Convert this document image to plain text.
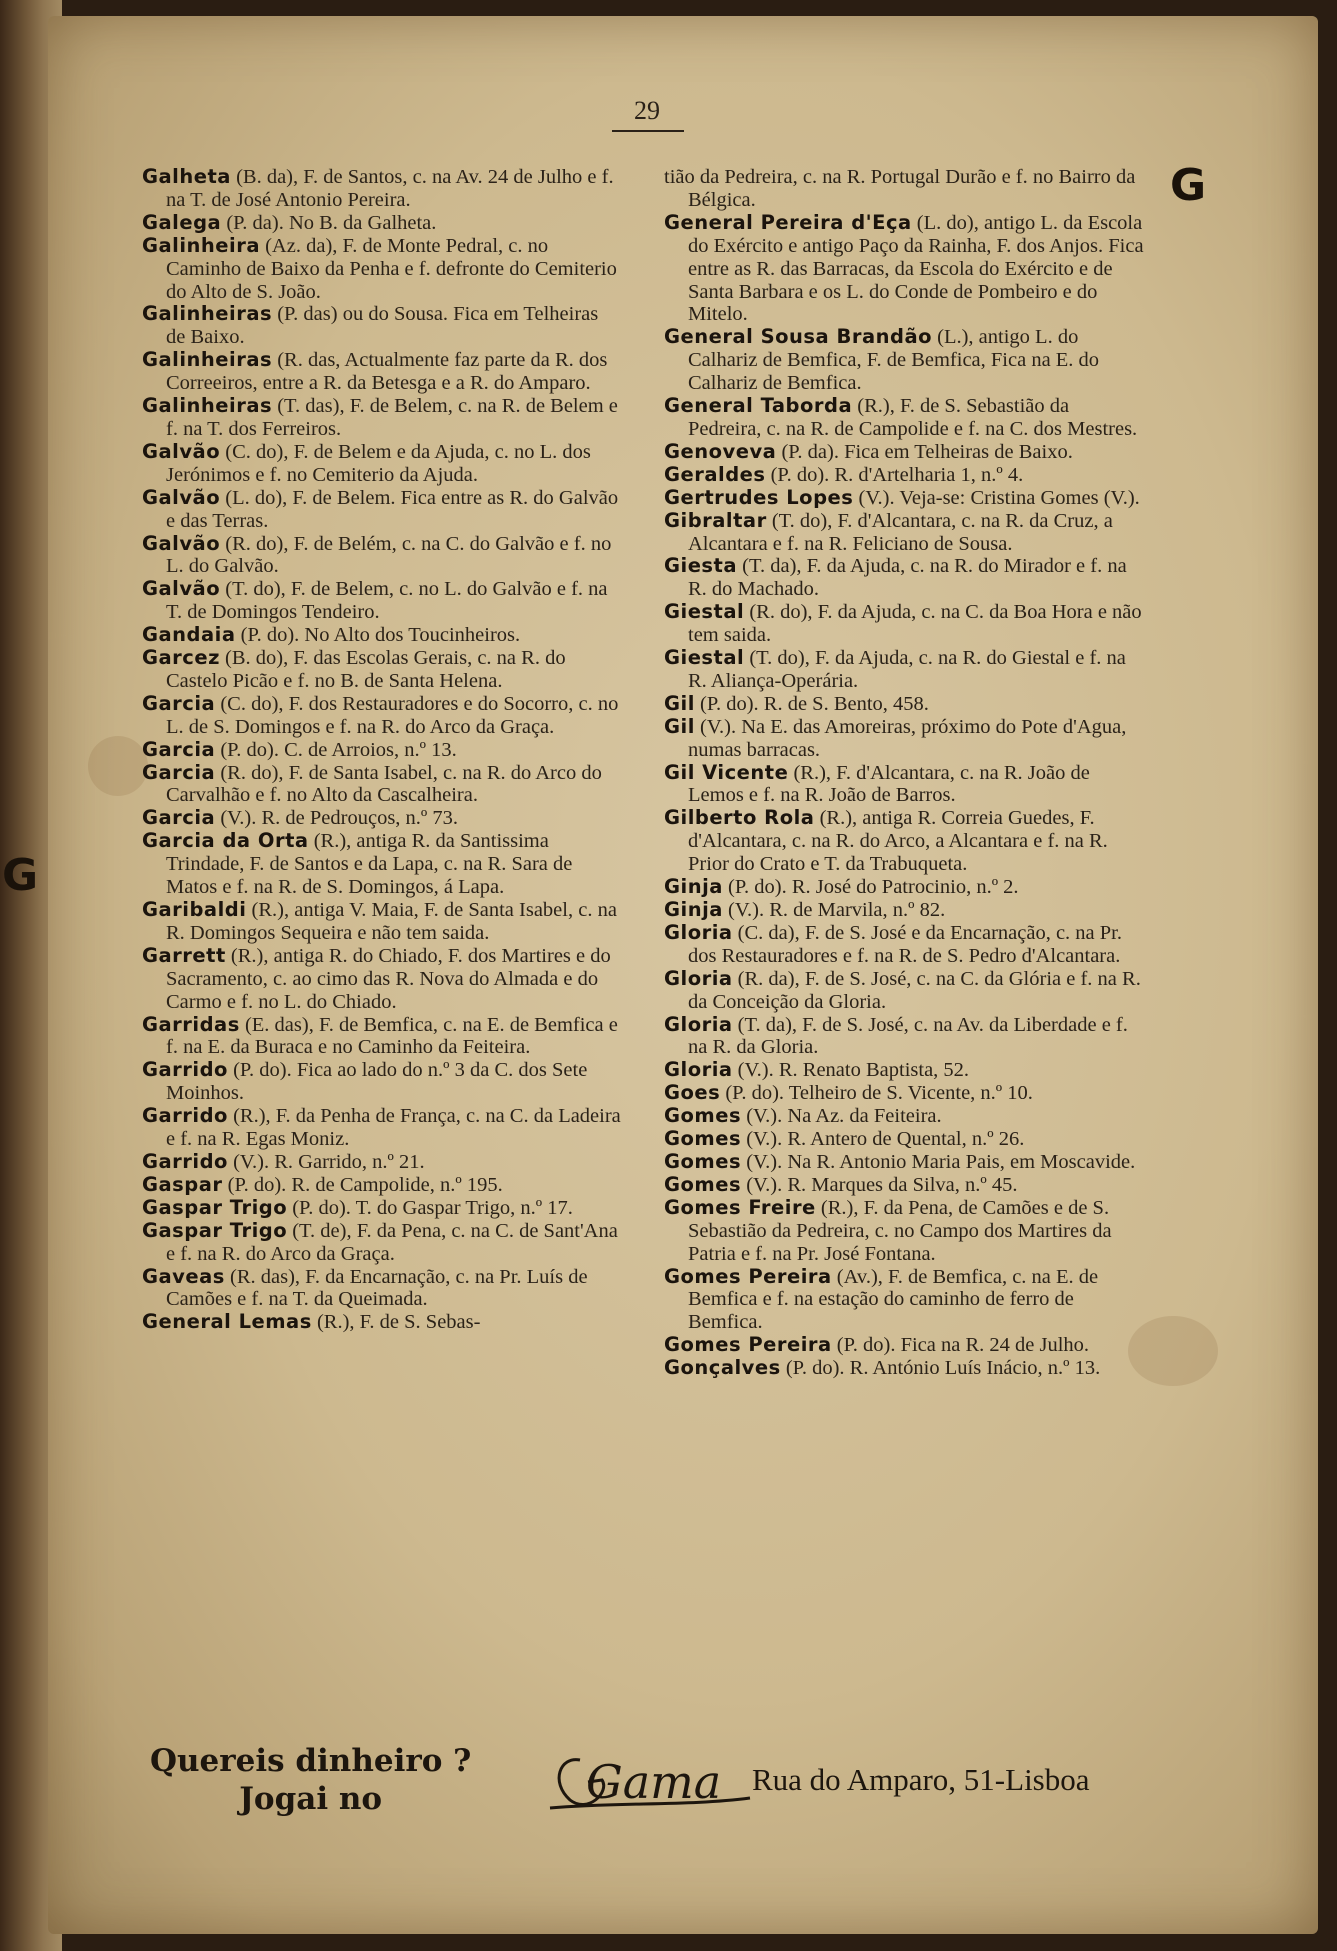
G
29
G

Galheta (B. da), F. de Santos, c. na Av. 24 de Julho e f. na T. de José Antonio Pereira.

Galega (P. da). No B. da Galheta.

Galinheira (Az. da), F. de Monte Pedral, c. no Caminho de Baixo da Penha e f. defronte do Cemiterio do Alto de S. João.

Galinheiras (P. das) ou do Sousa. Fica em Telheiras de Baixo.

Galinheiras (R. das, Actualmente faz parte da R. dos Correeiros, entre a R. da Betesga e a R. do Amparo.

Galinheiras (T. das), F. de Belem, c. na R. de Belem e f. na T. dos Ferreiros.

Galvão (C. do), F. de Belem e da Ajuda, c. no L. dos Jerónimos e f. no Cemiterio da Ajuda.

Galvão (L. do), F. de Belem. Fica entre as R. do Galvão e das Terras.

Galvão (R. do), F. de Belém, c. na C. do Galvão e f. no L. do Galvão.

Galvão (T. do), F. de Belem, c. no L. do Galvão e f. na T. de Domingos Tendeiro.

Gandaia (P. do). No Alto dos Toucinheiros.

Garcez (B. do), F. das Escolas Gerais, c. na R. do Castelo Picão e f. no B. de Santa Helena.

Garcia (C. do), F. dos Restauradores e do Socorro, c. no L. de S. Domingos e f. na R. do Arco da Graça.

Garcia (P. do). C. de Arroios, n.º 13.

Garcia (R. do), F. de Santa Isabel, c. na R. do Arco do Carvalhão e f. no Alto da Cascalheira.

Garcia (V.). R. de Pedrouços, n.º 73.

Garcia da Orta (R.), antiga R. da Santissima Trindade, F. de Santos e da Lapa, c. na R. Sara de Matos e f. na R. de S. Domingos, á Lapa.

Garibaldi (R.), antiga V. Maia, F. de Santa Isabel, c. na R. Domingos Sequeira e não tem saida.

Garrett (R.), antiga R. do Chiado, F. dos Martires e do Sacramento, c. ao cimo das R. Nova do Almada e do Carmo e f. no L. do Chiado.

Garridas (E. das), F. de Bemfica, c. na E. de Bemfica e f. na E. da Buraca e no Caminho da Feiteira.

Garrido (P. do). Fica ao lado do n.º 3 da C. dos Sete Moinhos.

Garrido (R.), F. da Penha de França, c. na C. da Ladeira e f. na R. Egas Moniz.

Garrido (V.). R. Garrido, n.º 21.

Gaspar (P. do). R. de Campolide, n.º 195.

Gaspar Trigo (P. do). T. do Gaspar Trigo, n.º 17.

Gaspar Trigo (T. de), F. da Pena, c. na C. de Sant'Ana e f. na R. do Arco da Graça.

Gaveas (R. das), F. da Encarnação, c. na Pr. Luís de Camões e f. na T. da Queimada.

General Lemas (R.), F. de S. Sebas-

tião da Pedreira, c. na R. Portugal Durão e f. no Bairro da Bélgica.

General Pereira d'Eça (L. do), antigo L. da Escola do Exército e antigo Paço da Rainha, F. dos Anjos. Fica entre as R. das Barracas, da Escola do Exército e de Santa Barbara e os L. do Conde de Pombeiro e do Mitelo.

General Sousa Brandão (L.), antigo L. do Calhariz de Bemfica, F. de Bemfica, Fica na E. do Calhariz de Bemfica.

General Taborda (R.), F. de S. Sebastião da Pedreira, c. na R. de Campolide e f. na C. dos Mestres.

Genoveva (P. da). Fica em Telheiras de Baixo.

Geraldes (P. do). R. d'Artelharia 1, n.º 4.

Gertrudes Lopes (V.). Veja-se: Cristina Gomes (V.).

Gibraltar (T. do), F. d'Alcantara, c. na R. da Cruz, a Alcantara e f. na R. Feliciano de Sousa.

Giesta (T. da), F. da Ajuda, c. na R. do Mirador e f. na R. do Machado.

Giestal (R. do), F. da Ajuda, c. na C. da Boa Hora e não tem saida.

Giestal (T. do), F. da Ajuda, c. na R. do Giestal e f. na R. Aliança-Operária.

Gil (P. do). R. de S. Bento, 458.

Gil (V.). Na E. das Amoreiras, próximo do Pote d'Agua, numas barracas.

Gil Vicente (R.), F. d'Alcantara, c. na R. João de Lemos e f. na R. João de Barros.

Gilberto Rola (R.), antiga R. Correia Guedes, F. d'Alcantara, c. na R. do Arco, a Alcantara e f. na R. Prior do Crato e T. da Trabuqueta.

Ginja (P. do). R. José do Patrocinio, n.º 2.

Ginja (V.). R. de Marvila, n.º 82.

Gloria (C. da), F. de S. José e da Encarnação, c. na Pr. dos Restauradores e f. na R. de S. Pedro d'Alcantara.

Gloria (R. da), F. de S. José, c. na C. da Glória e f. na R. da Conceição da Gloria.

Gloria (T. da), F. de S. José, c. na Av. da Liberdade e f. na R. da Gloria.

Gloria (V.). R. Renato Baptista, 52.

Goes (P. do). Telheiro de S. Vicente, n.º 10.

Gomes (V.). Na Az. da Feiteira.

Gomes (V.). R. Antero de Quental, n.º 26.

Gomes (V.). Na R. Antonio Maria Pais, em Moscavide.

Gomes (V.). R. Marques da Silva, n.º 45.

Gomes Freire (R.), F. da Pena, de Camões e de S. Sebastião da Pedreira, c. no Campo dos Martires da Patria e f. na Pr. José Fontana.

Gomes Pereira (Av.), F. de Bemfica, c. na E. de Bemfica e f. na estação do caminho de ferro de Bemfica.

Gomes Pereira (P. do). Fica na R. 24 de Julho.

Gonçalves (P. do). R. António Luís Inácio, n.º 13.

Quereis dinheiro ?
Jogai no	Gama Rua do Amparo, 51-Lisboa
